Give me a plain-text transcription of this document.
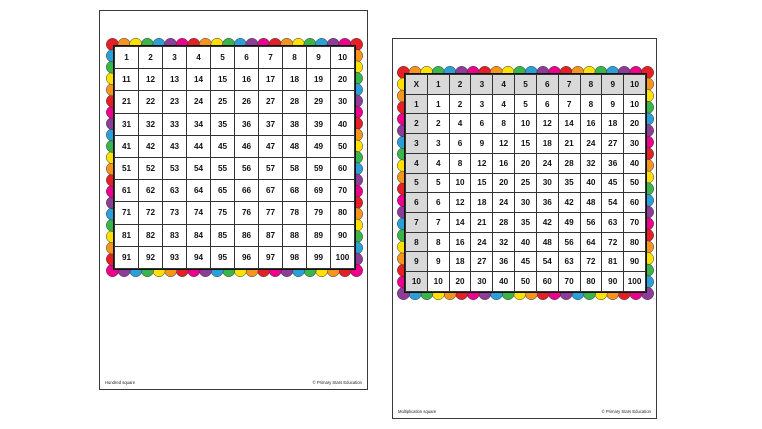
1	2	3	4	5	6	7	8	9	10
11	12	13	14	15	16	17	18	19	20
21	22	23	24	25	26	27	28	29	30
31	32	33	34	35	36	37	38	39	40
41	42	43	44	45	46	47	48	49	50
51	52	53	54	55	56	57	58	59	60
61	62	63	64	65	66	67	68	69	70
71	72	73	74	75	76	77	78	79	80
81	82	83	84	85	86	87	88	89	90
91	92	93	94	95	96	97	98	99	100
Hundred square	© Primary Stars Education
X	1	2	3	4	5	6	7	8	9	10
1	1	2	3	4	5	6	7	8	9	10
2	2	4	6	8	10	12	14	16	18	20
3	3	6	9	12	15	18	21	24	27	30
4	4	8	12	16	20	24	28	32	36	40
5	5	10	15	20	25	30	35	40	45	50
6	6	12	18	24	30	36	42	48	54	60
7	7	14	21	28	35	42	49	56	63	70
8	8	16	24	32	40	48	56	64	72	80
9	9	18	27	36	45	54	63	72	81	90
10	10	20	30	40	50	60	70	80	90	100
Multiplication square	© Primary Stars Education
